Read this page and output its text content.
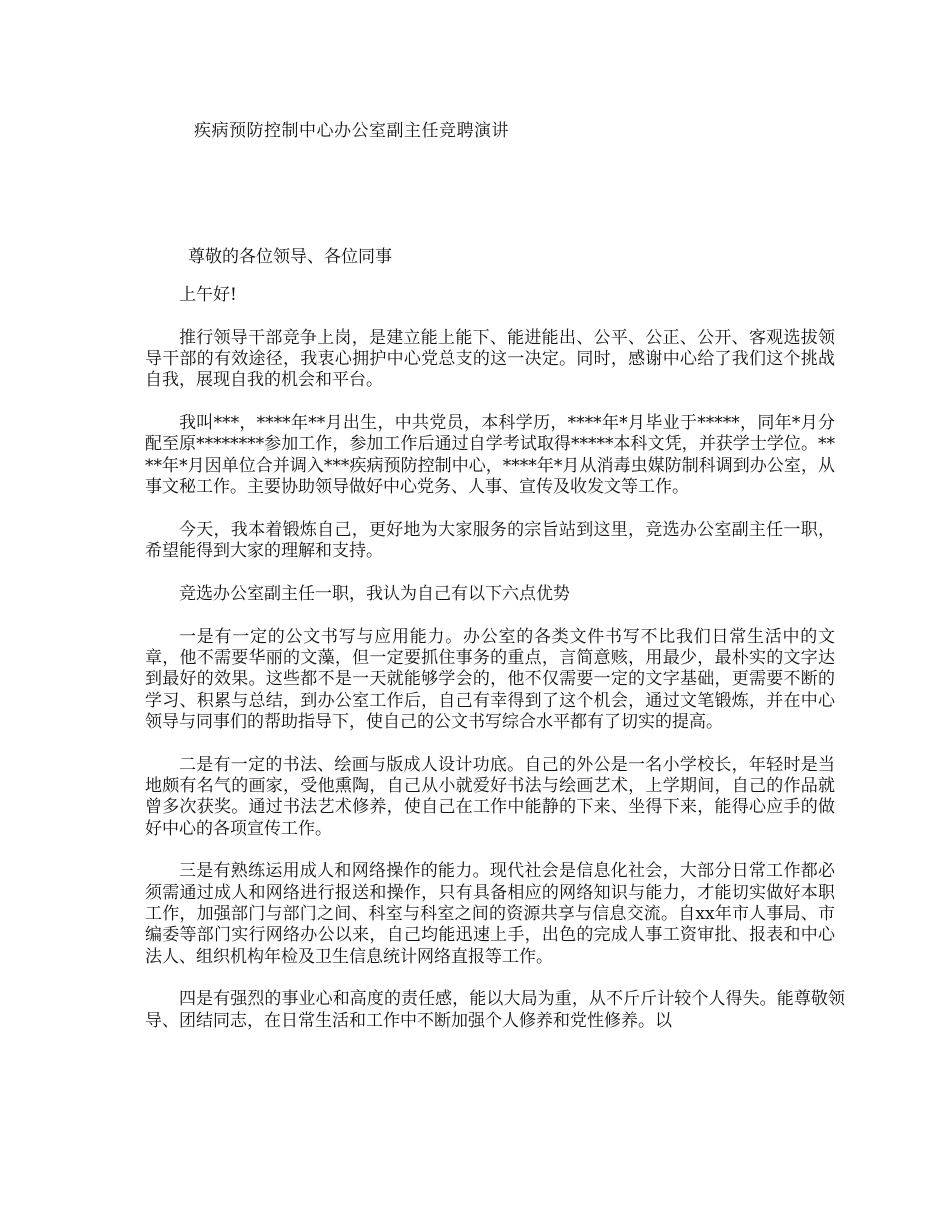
疾病预防控制中心办公室副主任竞聘演讲
尊敬的各位领导、各位同事

上午好!

推行领导干部竞争上岗，是建立能上能下、能进能出、公平、公正、公开、客观选拔领导干部的有效途径，我衷心拥护中心党总支的这一决定。同时，感谢中心给了我们这个挑战自我，展现自我的机会和平台。

我叫***，****年**月出生，中共党员，本科学历，****年*月毕业于*****，同年*月分配至原********参加工作，参加工作后通过自学考试取得*****本科文凭，并获学士学位。****年*月因单位合并调入***疾病预防控制中心，****年*月从消毒虫媒防制科调到办公室，从事文秘工作。主要协助领导做好中心党务、人事、宣传及收发文等工作。

今天，我本着锻炼自己，更好地为大家服务的宗旨站到这里，竞选办公室副主任一职，希望能得到大家的理解和支持。

竞选办公室副主任一职，我认为自己有以下六点优势

一是有一定的公文书写与应用能力。办公室的各类文件书写不比我们日常生活中的文章，他不需要华丽的文藻，但一定要抓住事务的重点，言简意赅，用最少，最朴实的文字达到最好的效果。这些都不是一天就能够学会的，他不仅需要一定的文字基础，更需要不断的学习、积累与总结，到办公室工作后，自己有幸得到了这个机会，通过文笔锻炼，并在中心领导与同事们的帮助指导下，使自己的公文书写综合水平都有了切实的提高。

二是有一定的书法、绘画与版成人设计功底。自己的外公是一名小学校长，年轻时是当地颇有名气的画家，受他熏陶，自己从小就爱好书法与绘画艺术，上学期间，自己的作品就曾多次获奖。通过书法艺术修养，使自己在工作中能静的下来、坐得下来，能得心应手的做好中心的各项宣传工作。

三是有熟练运用成人和网络操作的能力。现代社会是信息化社会，大部分日常工作都必须需通过成人和网络进行报送和操作，只有具备相应的网络知识与能力，才能切实做好本职工作，加强部门与部门之间、科室与科室之间的资源共享与信息交流。自xx年市人事局、市编委等部门实行网络办公以来，自己均能迅速上手，出色的完成人事工资审批、报表和中心法人、组织机构年检及卫生信息统计网络直报等工作。

四是有强烈的事业心和高度的责任感，能以大局为重，从不斤斤计较个人得失。能尊敬领导、团结同志，在日常生活和工作中不断加强个人修养和党性修养。以
